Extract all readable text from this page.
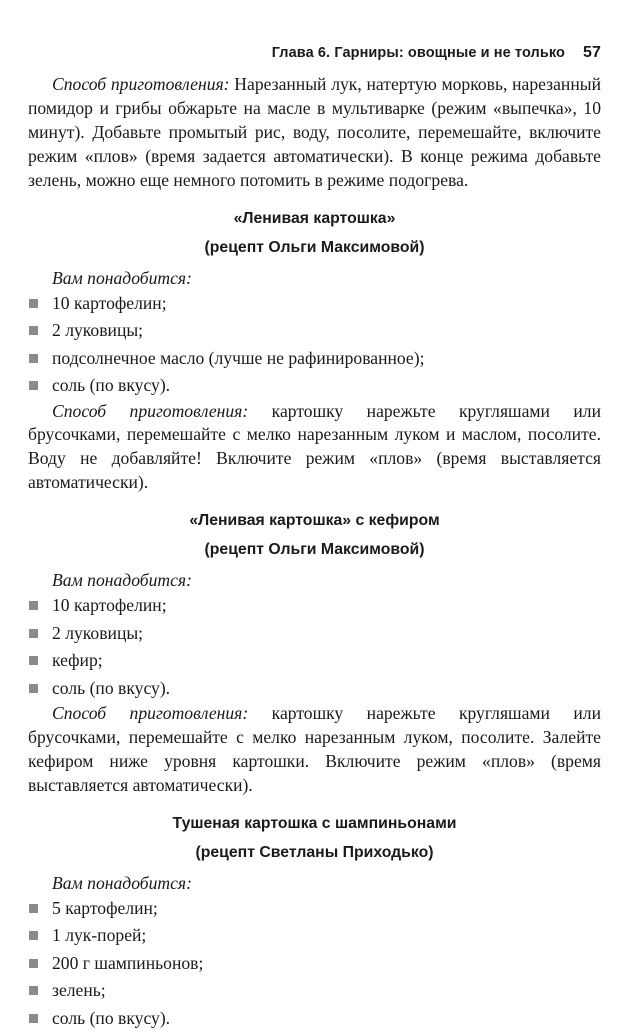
Глава 6. Гарниры: овощные и не только 57

Способ приготовления: Нарезанный лук, натертую морковь, нарезанный помидор и грибы обжарьте на масле в мультиварке (режим «выпечка», 10 минут). Добавьте промытый рис, воду, посолите, перемешайте, включите режим «плов» (время задается автоматически). В конце режима добавьте зелень, можно еще немного потомить в режиме подогрева.

«Ленивая картошка»

(рецепт Ольги Максимовой)

Вам понадобится:

10 картофелин;
2 луковицы;
подсолнечное масло (лучше не рафинированное);
соль (по вкусу).

Способ приготовления: картошку нарежьте кругляшами или брусочками, перемешайте с мелко нарезанным луком и маслом, посолите. Воду не добавляйте! Включите режим «плов» (время выставляется автоматически).

«Ленивая картошка» с кефиром

(рецепт Ольги Максимовой)

Вам понадобится:

10 картофелин;
2 луковицы;
кефир;
соль (по вкусу).

Способ приготовления: картошку нарежьте кругляшами или брусочками, перемешайте с мелко нарезанным луком, посолите. Залейте кефиром ниже уровня картошки. Включите режим «плов» (время выставляется автоматически).

Тушеная картошка с шампиньонами

(рецепт Светланы Приходько)

Вам понадобится:

5 картофелин;
1 лук-порей;
200 г шампиньонов;
зелень;
соль (по вкусу).
